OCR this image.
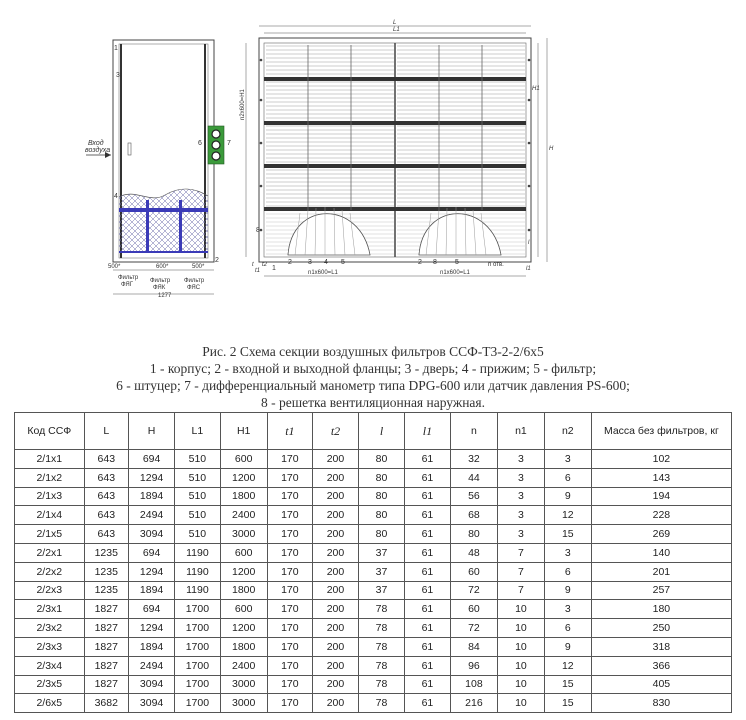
Вход
воздуха
1
3
6	7
4
2
500*	600*	500*
Фильтр
ФЯГ
Фильтр
ФЯК
Фильтр
ФЯС
1277
L
L1
H
H1
n2x600=H1
n1x600=L1	n1x600=L1
t
t1
t2
l
l1
n отв.
1
2 3 4 5
8
5
2 8
Рис. 2 Схема секции воздушных фильтров ССФ-Т3-2-2/6х5
1 - корпус; 2 - входной и выходной фланцы; 3 - дверь; 4 - прижим; 5 - фильтр;
6 - штуцер; 7 - дифференциальный манометр типа DPG-600 или датчик давления PS-600;
8 - решетка вентиляционная наружная.
Код ССФ	L	H	L1	H1	t1	t2	l	l1	n	n1	n2	Масса без фильтров, кг
2/1х1	643	694	510	600	170	200	80	61	32	3	3	102
2/1х2	643	1294	510	1200	170	200	80	61	44	3	6	143
2/1х3	643	1894	510	1800	170	200	80	61	56	3	9	194
2/1х4	643	2494	510	2400	170	200	80	61	68	3	12	228
2/1х5	643	3094	510	3000	170	200	80	61	80	3	15	269
2/2х1	1235	694	1190	600	170	200	37	61	48	7	3	140
2/2х2	1235	1294	1190	1200	170	200	37	61	60	7	6	201
2/2х3	1235	1894	1190	1800	170	200	37	61	72	7	9	257
2/3х1	1827	694	1700	600	170	200	78	61	60	10	3	180
2/3х2	1827	1294	1700	1200	170	200	78	61	72	10	6	250
2/3х3	1827	1894	1700	1800	170	200	78	61	84	10	9	318
2/3х4	1827	2494	1700	2400	170	200	78	61	96	10	12	366
2/3х5	1827	3094	1700	3000	170	200	78	61	108	10	15	405
2/6х5	3682	3094	1700	3000	170	200	78	61	216	10	15	830
